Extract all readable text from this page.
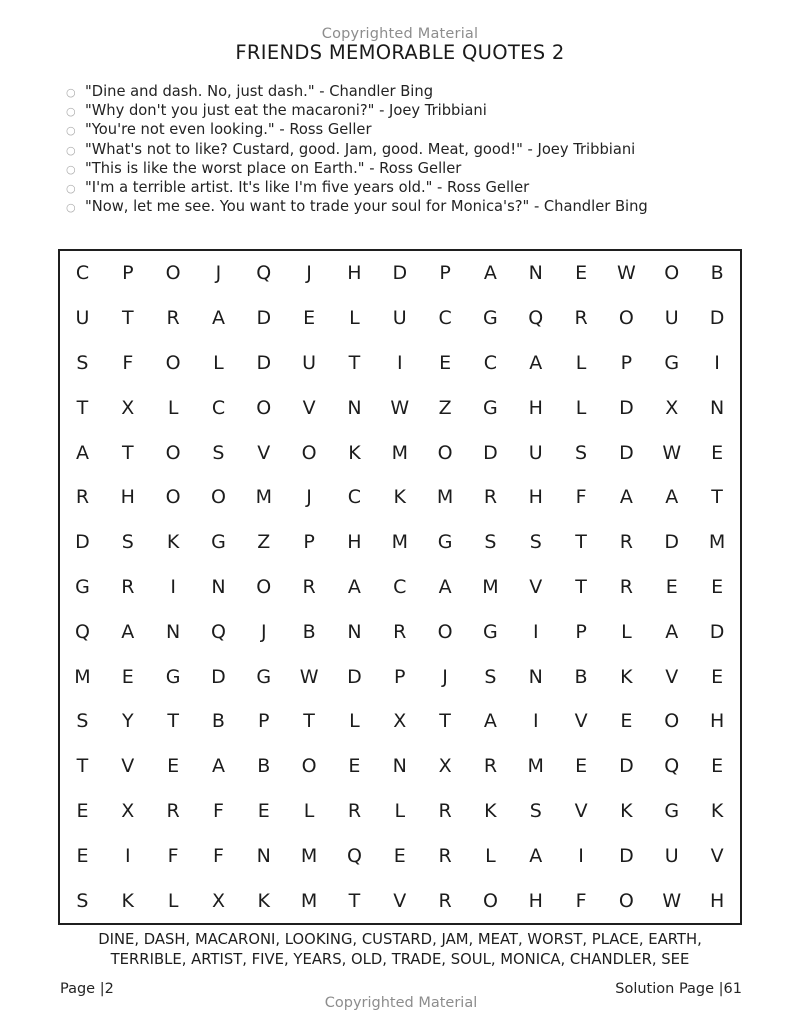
Copyrighted Material
FRIENDS MEMORABLE QUOTES 2
○ "Dine and dash. No, just dash." - Chandler Bing
○ "Why don't you just eat the macaroni?" - Joey Tribbiani
○ "You're not even looking." - Ross Geller
○ "What's not to like? Custard, good. Jam, good. Meat, good!" - Joey Tribbiani
○ "This is like the worst place on Earth." - Ross Geller
○ "I'm a terrible artist. It's like I'm five years old." - Ross Geller
○ "Now, let me see. You want to trade your soul for Monica's?" - Chandler Bing
C	P	O	J	Q	J	H	D	P	A	N	E	W	O	B
U	T	R	A	D	E	L	U	C	G	Q	R	O	U	D
S	F	O	L	D	U	T	I	E	C	A	L	P	G	I
T	X	L	C	O	V	N	W	Z	G	H	L	D	X	N
A	T	O	S	V	O	K	M	O	D	U	S	D	W	E
R	H	O	O	M	J	C	K	M	R	H	F	A	A	T
D	S	K	G	Z	P	H	M	G	S	S	T	R	D	M
G	R	I	N	O	R	A	C	A	M	V	T	R	E	E
Q	A	N	Q	J	B	N	R	O	G	I	P	L	A	D
M	E	G	D	G	W	D	P	J	S	N	B	K	V	E
S	Y	T	B	P	T	L	X	T	A	I	V	E	O	H
T	V	E	A	B	O	E	N	X	R	M	E	D	Q	E
E	X	R	F	E	L	R	L	R	K	S	V	K	G	K
E	I	F	F	N	M	Q	E	R	L	A	I	D	U	V
S	K	L	X	K	M	T	V	R	O	H	F	O	W	H
DINE, DASH, MACARONI, LOOKING, CUSTARD, JAM, MEAT, WORST, PLACE, EARTH,
TERRIBLE, ARTIST, FIVE, YEARS, OLD, TRADE, SOUL, MONICA, CHANDLER, SEE
Page |2
Copyrighted Material
Solution Page |61
